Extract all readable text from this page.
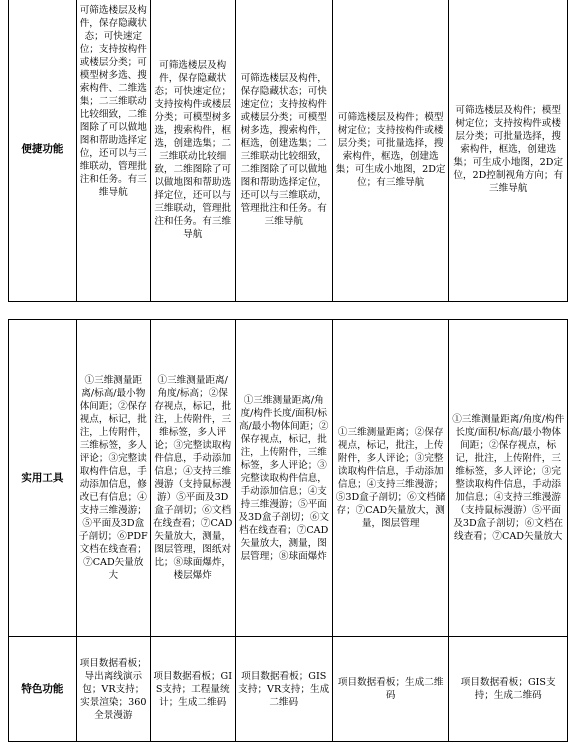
便捷功能	可筛选楼层及构件，保存隐藏状态；可快速定位；支持按构件或楼层分类；可模型树多选、搜索构件、二维选集；二三维联动比较细致，二维图除了可以做地图和帮助选择定位，还可以与三维联动，管理批注和任务。有三维导航	可筛选楼层及构件，保存隐藏状态；可快速定位；支持按构件或楼层分类；可模型树多选，搜索构件，框选，创建选集；二三维联动比较细致，二维图除了可以做地图和帮助选择定位，还可以与三维联动，管理批注和任务。有三维导航	可筛选楼层及构件，保存隐藏状态；可快速定位；支持按构件或楼层分类；可模型树多选，搜索构件，框选，创建选集；二三维联动比较细致，二维图除了可以做地图和帮助选择定位，还可以与三维联动，管理批注和任务。有三维导航	可筛选楼层及构件；模型树定位；支持按构件或楼层分类；可批量选择，搜索构件，框选，创建选集；可生成小地图，2D定位；有三维导航	可筛选楼层及构件；模型树定位；支持按构件或楼层分类；可批量选择，搜索构件，框选，创建选集；可生成小地图，2D定位，2D控制视角方向；有三维导航
实用工具	①三维测量距离/标高/最小物体间距；②保存视点，标记，批注，上传附件，三维标签，多人评论；③完整读取构件信息，手动添加信息，修改已有信息；④支持三维漫游；⑤平面及3D盒子剖切；⑥PDF文档在线查看；⑦CAD矢量放大	①三维测量距离/角度/标高；②保存视点，标记，批注，上传附件，三维标签，多人评论；③完整读取构件信息，手动添加信息；④支持三维漫游（支持鼠标漫游）⑤平面及3D盒子剖切；⑥文档在线查看；⑦CAD矢量放大，测量，图层管理，图纸对比；⑧球面爆炸，楼层爆炸	①三维测量距离/角度/构件长度/面积/标高/最小物体间距；②保存视点，标记，批注，上传附件，三维标签，多人评论；③完整读取构件信息，手动添加信息；④支持三维漫游；⑤平面及3D盒子剖切；⑥文档在线查看；⑦CAD矢量放大，测量，图层管理；⑧球面爆炸	①三维测量距离；②保存视点，标记，批注，上传附件，多人评论；③完整读取构件信息，手动添加信息；④支持三维漫游；⑤3D盒子剖切；⑥文档储存；⑦CAD矢量放大，测量，图层管理	①三维测量距离/角度/构件长度/面积/标高/最小物体间距；②保存视点，标记，批注，上传附件，三维标签，多人评论；③完整读取构件信息，手动添加信息；④支持三维漫游（支持鼠标漫游）⑤平面及3D盒子剖切；⑥文档在线查看；⑦CAD矢量放大
特色功能	项目数据看板；导出离线演示包；VR支持；实景渲染；360全景漫游	项目数据看板；GIS支持；工程量统计；生成二维码	项目数据看板；GIS支持；VR支持；生成二维码	项目数据看板；生成二维码	项目数据看板；GIS支持；生成二维码
